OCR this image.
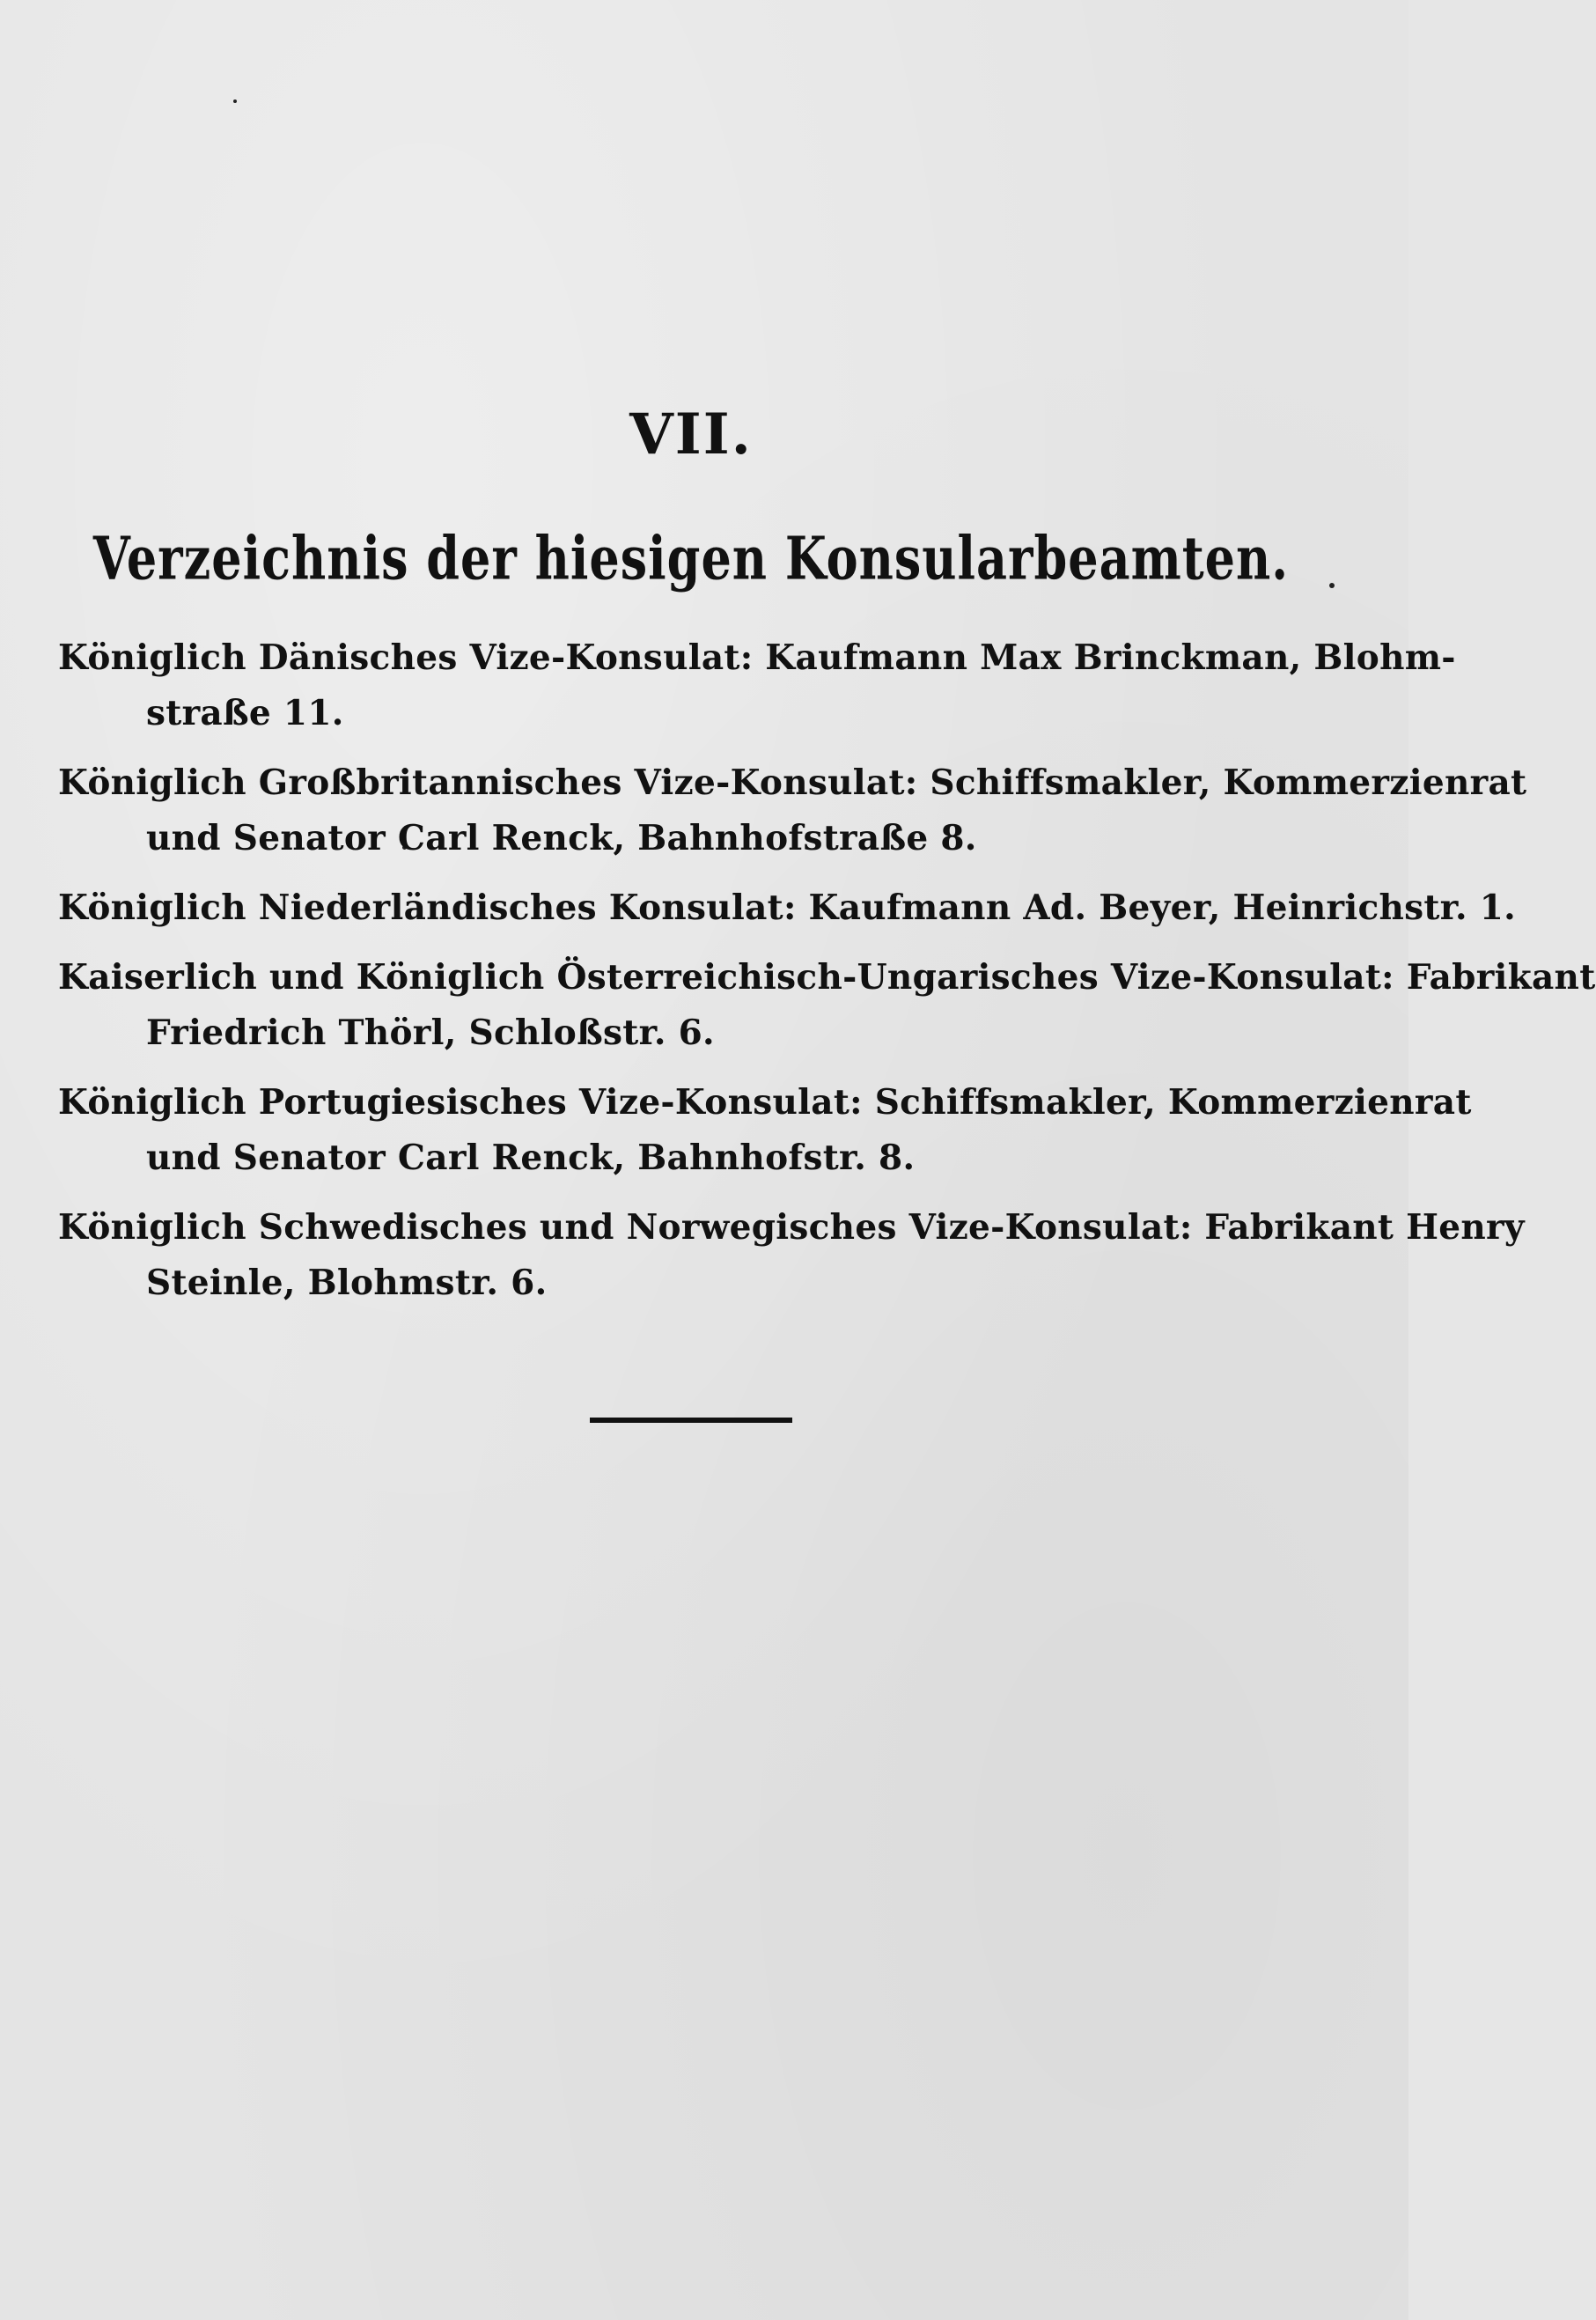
VII.
Verzeichnis der hiesigen Konsularbeamten.
Königlich Dänisches Vize-Konsulat: Kaufmann Max Brinckman, Blohm-
straße 11.
Königlich Großbritannisches Vize-Konsulat: Schiffsmakler, Kommerzienrat
und Senator Carl Renck, Bahnhofstraße 8.
Königlich Niederländisches Konsulat: Kaufmann Ad. Beyer, Heinrichstr. 1.
Kaiserlich und Königlich Österreichisch-Ungarisches Vize-Konsulat: Fabrikant
Friedrich Thörl, Schloßstr. 6.
Königlich Portugiesisches Vize-Konsulat: Schiffsmakler, Kommerzienrat
und Senator Carl Renck, Bahnhofstr. 8.
Königlich Schwedisches und Norwegisches Vize-Konsulat: Fabrikant Henry
Steinle, Blohmstr. 6.
